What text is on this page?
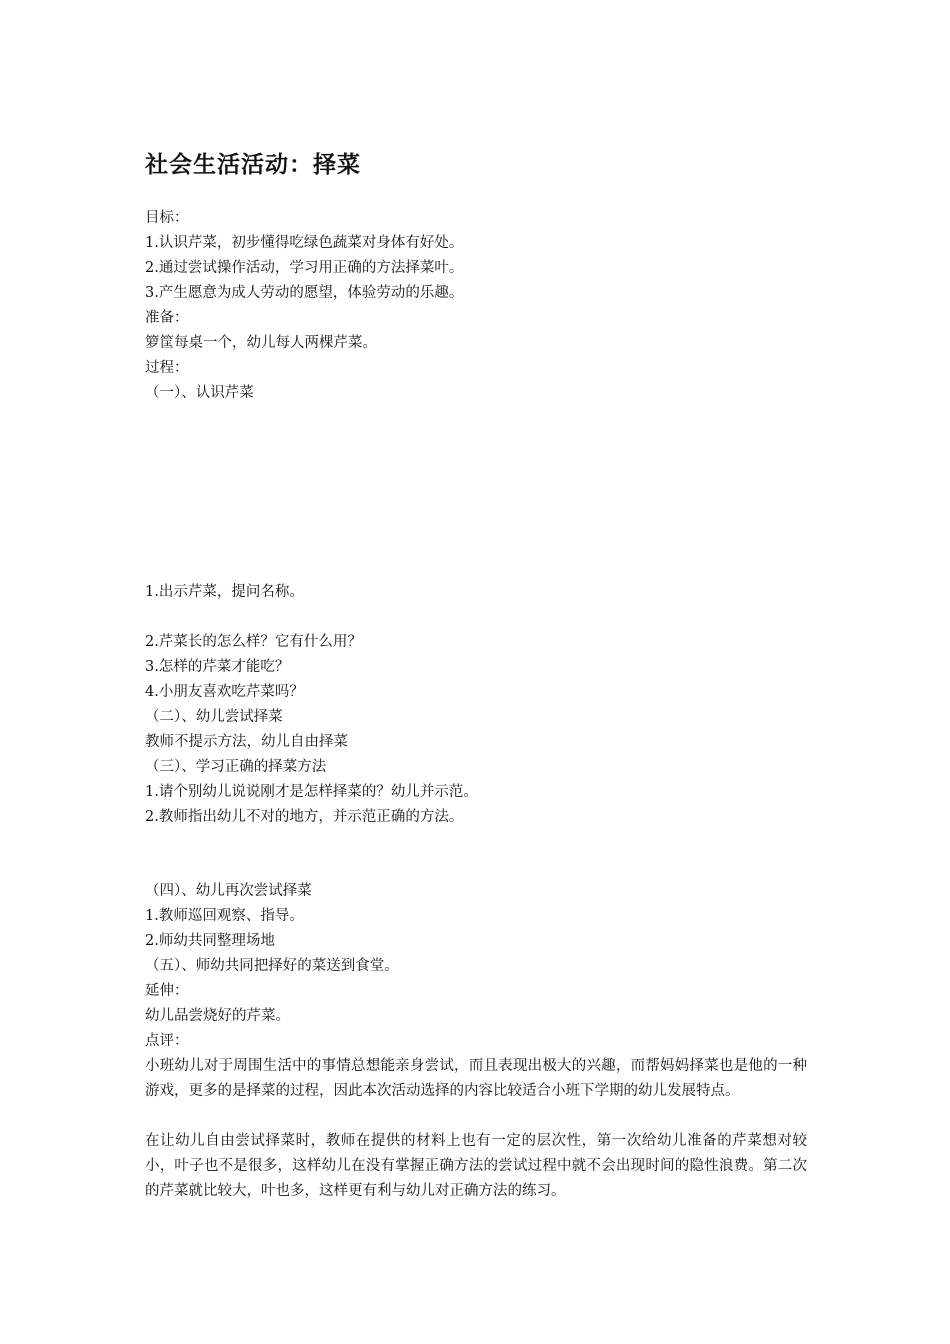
社会生活活动：择菜
目标：
1.认识芹菜，初步懂得吃绿色蔬菜对身体有好处。
2.通过尝试操作活动，学习用正确的方法择菜叶。
3.产生愿意为成人劳动的愿望，体验劳动的乐趣。
准备：
箩筐每桌一个，幼儿每人两棵芹菜。
过程：
（一）、认识芹菜
1.出示芹菜，提问名称。
2.芹菜长的怎么样？它有什么用？
3.怎样的芹菜才能吃？
4.小朋友喜欢吃芹菜吗？
（二）、幼儿尝试择菜
教师不提示方法，幼儿自由择菜
（三）、学习正确的择菜方法
1.请个别幼儿说说刚才是怎样择菜的？幼儿并示范。
2.教师指出幼儿不对的地方，并示范正确的方法。
（四）、幼儿再次尝试择菜
1.教师巡回观察、指导。
2.师幼共同整理场地
（五）、师幼共同把择好的菜送到食堂。
延伸：
幼儿品尝烧好的芹菜。
点评：
小班幼儿对于周围生活中的事情总想能亲身尝试，而且表现出极大的兴趣，而帮妈妈择菜也是他的一种游戏，更多的是择菜的过程，因此本次活动选择的内容比较适合小班下学期的幼儿发展特点。
在让幼儿自由尝试择菜时，教师在提供的材料上也有一定的层次性，第一次给幼儿准备的芹菜想对较小，叶子也不是很多，这样幼儿在没有掌握正确方法的尝试过程中就不会出现时间的隐性浪费。第二次的芹菜就比较大，叶也多，这样更有利与幼儿对正确方法的练习。
